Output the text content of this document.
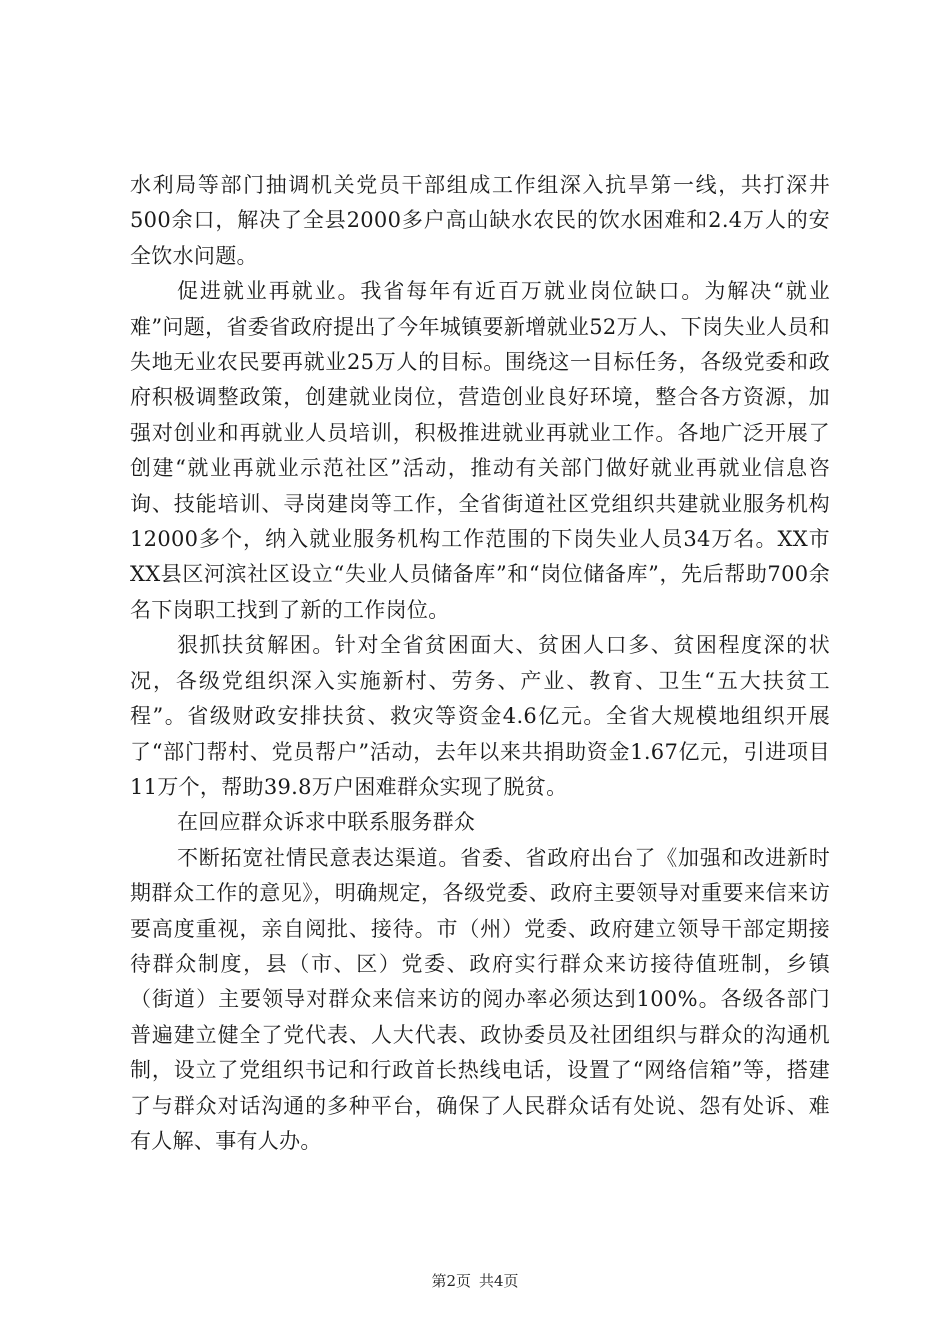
水利局等部门抽调机关党员干部组成工作组深入抗旱第一线，共打深井500余口，解决了全县2000多户高山缺水农民的饮水困难和2.4万人的安全饮水问题。

促进就业再就业。我省每年有近百万就业岗位缺口。为解决“就业难”问题，省委省政府提出了今年城镇要新增就业52万人、下岗失业人员和失地无业农民要再就业25万人的目标。围绕这一目标任务，各级党委和政府积极调整政策，创建就业岗位，营造创业良好环境，整合各方资源，加强对创业和再就业人员培训，积极推进就业再就业工作。各地广泛开展了创建“就业再就业示范社区”活动，推动有关部门做好就业再就业信息咨询、技能培训、寻岗建岗等工作，全省街道社区党组织共建就业服务机构12000多个，纳入就业服务机构工作范围的下岗失业人员34万名。XX市XX县区河滨社区设立“失业人员储备库”和“岗位储备库”，先后帮助700余名下岗职工找到了新的工作岗位。

狠抓扶贫解困。针对全省贫困面大、贫困人口多、贫困程度深的状况，各级党组织深入实施新村、劳务、产业、教育、卫生“五大扶贫工程”。省级财政安排扶贫、救灾等资金4.6亿元。全省大规模地组织开展了“部门帮村、党员帮户”活动，去年以来共捐助资金1.67亿元，引进项目11万个，帮助39.8万户困难群众实现了脱贫。

在回应群众诉求中联系服务群众

不断拓宽社情民意表达渠道。省委、省政府出台了《加强和改进新时期群众工作的意见》，明确规定，各级党委、政府主要领导对重要来信来访要高度重视，亲自阅批、接待。市（州）党委、政府建立领导干部定期接待群众制度，县（市、区）党委、政府实行群众来访接待值班制，乡镇（街道）主要领导对群众来信来访的阅办率必须达到100%。各级各部门普遍建立健全了党代表、人大代表、政协委员及社团组织与群众的沟通机制，设立了党组织书记和行政首长热线电话，设置了“网络信箱”等，搭建了与群众对话沟通的多种平台，确保了人民群众话有处说、怨有处诉、难有人解、事有人办。

第2页 共4页
